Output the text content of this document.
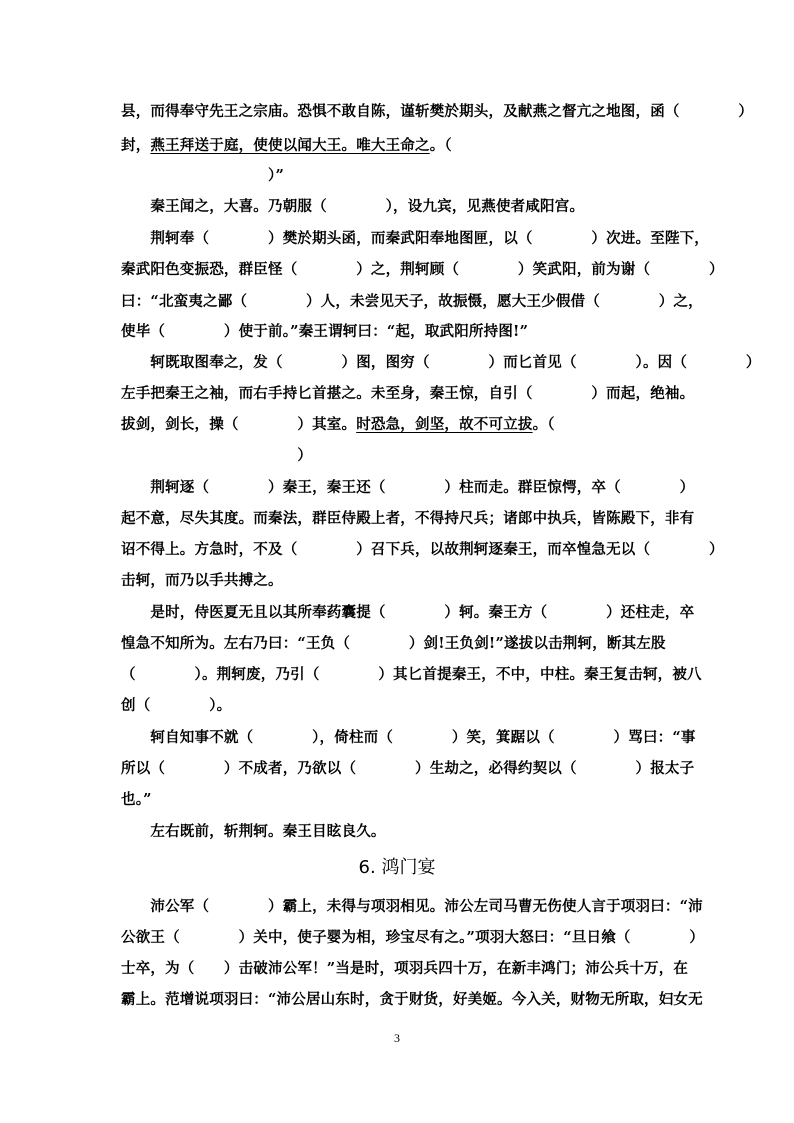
县，而得奉守先王之宗庙。恐惧不敢自陈，谨斩樊於期头，及献燕之督亢之地图，函（　　　　）
封，燕王拜送于庭，使使以闻大王。唯大王命之。（
　　　　　　　　　　）”
　　秦王闻之，大喜。乃朝服（　　　　），设九宾，见燕使者咸阳宫。
　　荆轲奉（　　　　）樊於期头函，而秦武阳奉地图匣，以（　　　　）次进。至陛下，
秦武阳色变振恐，群臣怪（　　　　）之，荆轲顾（　　　　）笑武阳，前为谢（　　　　）
曰：“北蛮夷之鄙（　　　　）人，未尝见天子，故振慑，愿大王少假借（　　　　）之，
使毕（　　　　）使于前。”秦王谓轲曰：“起，取武阳所持图!”
　　轲既取图奉之，发（　　　　）图，图穷（　　　　）而匕首见（　　　　）。因（　　　　）
左手把秦王之袖，而右手持匕首揕之。未至身，秦王惊，自引（　　　　）而起，绝袖。
拔剑，剑长，操（　　　　）其室。时恐急，剑坚，故不可立拔。（
　　　　　　　　　　　　）
　　荆轲逐（　　　　）秦王，秦王还（　　　　）柱而走。群臣惊愕，卒（　　　　）
起不意，尽失其度。而秦法，群臣侍殿上者，不得持尺兵；诸郎中执兵，皆陈殿下，非有
诏不得上。方急时，不及（　　　　）召下兵，以故荆轲逐秦王，而卒惶急无以（　　　　）
击轲，而乃以手共搏之。
　　是时，侍医夏无且以其所奉药囊提（　　　　）轲。秦王方（　　　　）还柱走，卒
惶急不知所为。左右乃曰：“王负（　　　　）剑!王负剑!”遂拔以击荆轲，断其左股
（　　　　）。荆轲废，乃引（　　　　）其匕首提秦王，不中，中柱。秦王复击轲，被八
创（　　　　）。
　　轲自知事不就（　　　　），倚柱而（　　　　）笑，箕踞以（　　　　）骂曰：“事
所以（　　　　）不成者，乃欲以（　　　　）生劫之，必得约契以（　　　　）报太子
也。”
　　左右既前，斩荆轲。秦王目眩良久。
　　沛公军（　　　　）霸上，未得与项羽相见。沛公左司马曹无伤使人言于项羽曰：“沛
公欲王（　　　　）关中，使子婴为相，珍宝尽有之。”项羽大怒曰：“旦日飨（　　　　）
士卒，为（　　）击破沛公军！”当是时，项羽兵四十万，在新丰鸿门；沛公兵十万，在
霸上。范增说项羽曰：“沛公居山东时，贪于财货，好美姬。今入关，财物无所取，妇女无
6. 鸿门宴
3
